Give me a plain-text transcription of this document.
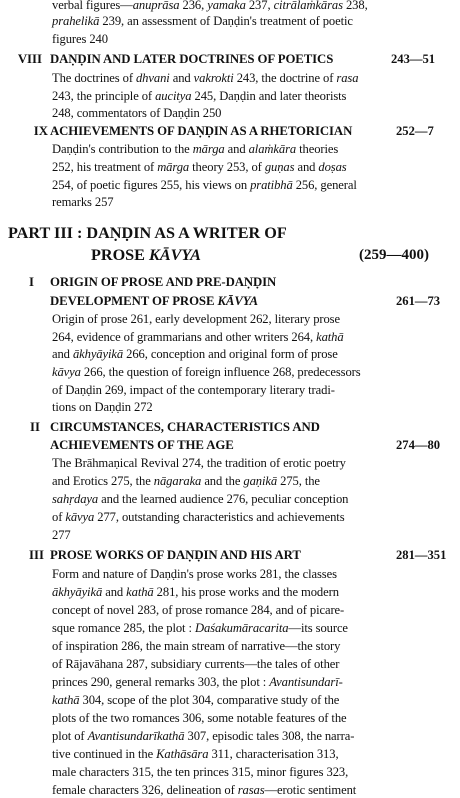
verbal figures—anuprāsa 236, yamaka 237, citrālaṁkāras 238,
prahelikā 239, an assessment of Daṇḍin's treatment of poetic
figures 240
VIII DAṆḌIN AND LATER DOCTRINES OF POETICS	243—51
The doctrines of dhvani and vakrokti 243, the doctrine of rasa
243, the principle of aucitya 245, Daṇḍin and later theorists
248, commentators of Daṇḍin 250
IX ACHIEVEMENTS OF DAṆḌIN AS A RHETORICIAN	252—7
Daṇḍin's contribution to the mārga and alaṁkāra theories
252, his treatment of mārga theory 253, of guṇas and doṣas
254, of poetic figures 255, his views on pratibhā 256, general
remarks 257
PART III : DAṆḌIN AS A WRITER OF
PROSE KĀVYA	(259—400)
I ORIGIN OF PROSE AND PRE-DAṆḌIN
DEVELOPMENT OF PROSE KĀVYA	261—73
Origin of prose 261, early development 262, literary prose
264, evidence of grammarians and other writers 264, kathā
and ākhyāyikā 266, conception and original form of prose
kāvya 266, the question of foreign influence 268, predecessors
of Daṇḍin 269, impact of the contemporary literary tradi-
tions on Daṇḍin 272
II CIRCUMSTANCES, CHARACTERISTICS AND
ACHIEVEMENTS OF THE AGE	274—80
The Brāhmaṇical Revival 274, the tradition of erotic poetry
and Erotics 275, the nāgaraka and the gaṇikā 275, the
sahṛdaya and the learned audience 276, peculiar conception
of kāvya 277, outstanding characteristics and achievements
277
III PROSE WORKS OF DAṆḌIN AND HIS ART	281—351
Form and nature of Daṇḍin's prose works 281, the classes
ākhyāyikā and kathā 281, his prose works and the modern
concept of novel 283, of prose romance 284, and of picare-
sque romance 285, the plot : Daśakumāracarita—its source
of inspiration 286, the main stream of narrative—the story
of Rājavāhana 287, subsidiary currents—the tales of other
princes 290, general remarks 303, the plot : Avantisundarī-
kathā 304, scope of the plot 304, comparative study of the
plots of the two romances 306, some notable features of the
plot of Avantisundarīkathā 307, episodic tales 308, the narra-
tive continued in the Kathāsāra 311, characterisation 313,
male characters 315, the ten princes 315, minor figures 323,
female characters 326, delineation of rasas—erotic sentiment
